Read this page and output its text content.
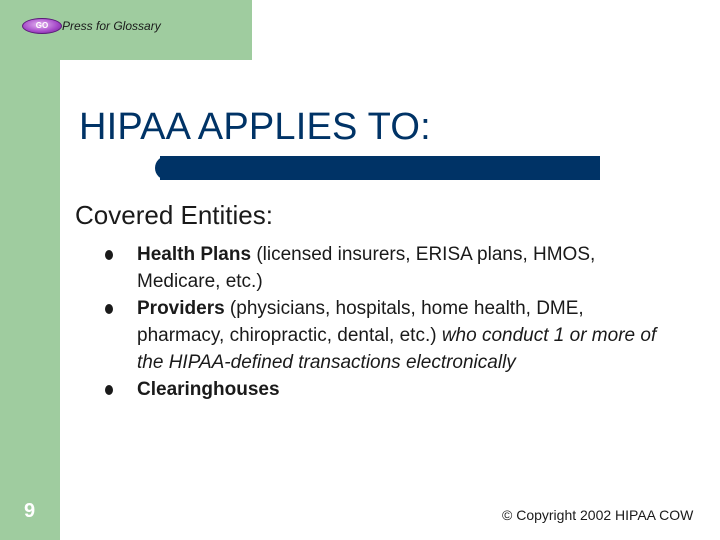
GO	Press for Glossary
HIPAA APPLIES TO:
Covered Entities:
Health Plans (licensed insurers, ERISA plans, HMOS, Medicare, etc.)
Providers (physicians, hospitals, home health, DME, pharmacy, chiropractic, dental, etc.) who conduct 1 or more of the HIPAA-defined transactions electronically
Clearinghouses
9	© Copyright 2002 HIPAA COW
